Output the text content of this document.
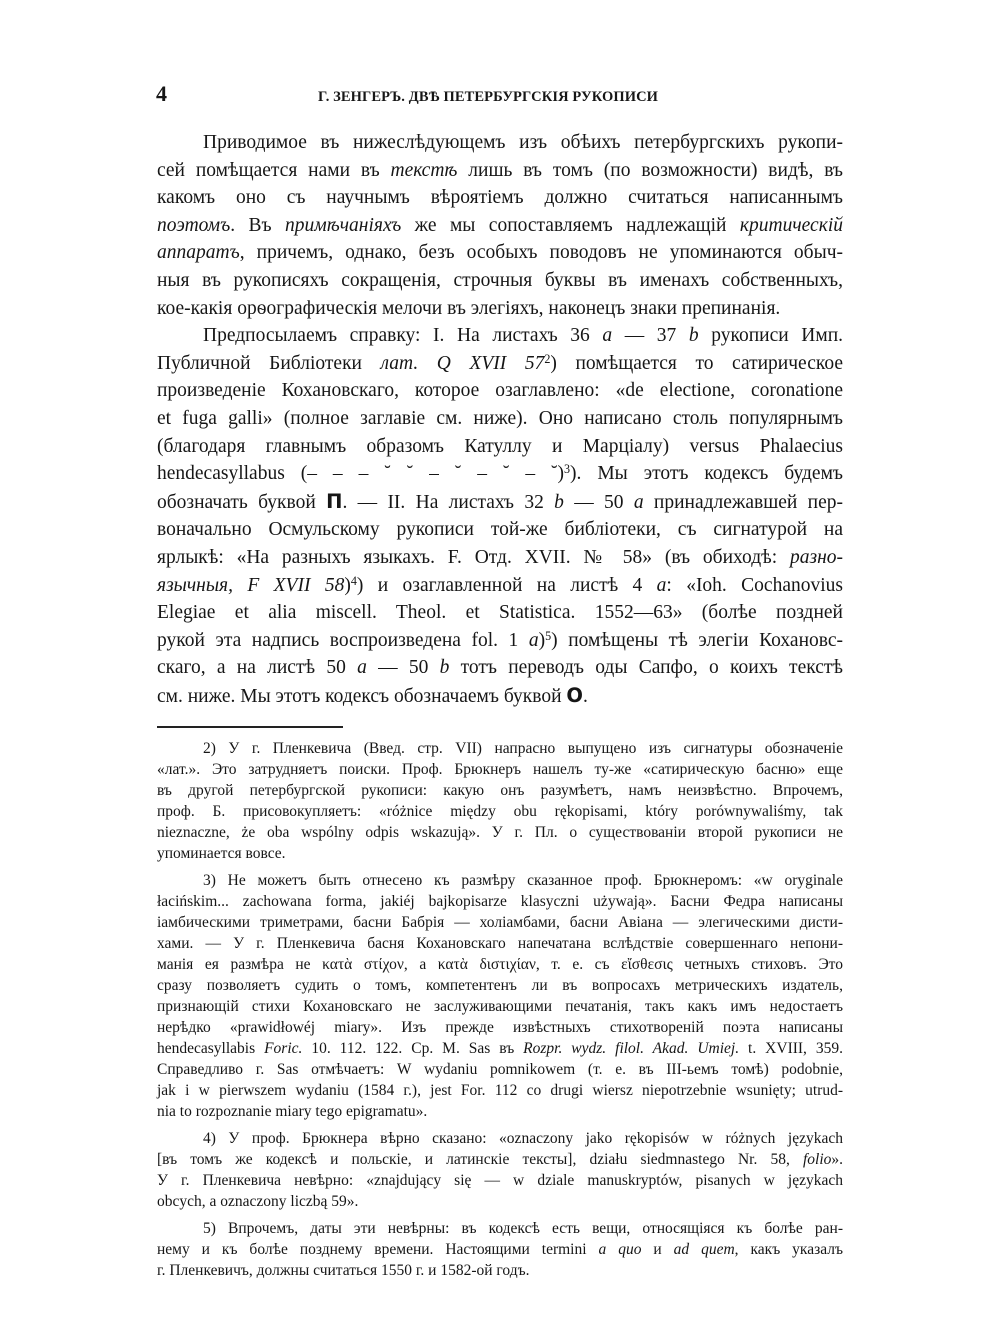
4	Г. ЗЕНГЕРЪ. ДВѢ ПЕТЕРБУРГСКІЯ РУКОПИСИ
Приводимое въ нижеслѣдующемъ изъ обѣихъ петербургскихъ рукопи-
сей помѣщается нами въ текстѣ лишь въ томъ (по возможности) видѣ, въ
какомъ оно съ научнымъ вѣроятіемъ должно считаться написаннымъ
поэтомъ. Въ примѣчаніяхъ же мы сопоставляемъ надлежащій критическій
аппаратъ, причемъ, однако, безъ особыхъ поводовъ не упоминаются обыч-
ныя въ рукописяхъ сокращенія, строчныя буквы въ именахъ собственныхъ,
кое-какія орѳографическія мелочи въ элегіяхъ, наконецъ знаки препинанія.
Предпосылаемъ справку: I. На листахъ 36 a — 37 b рукописи Имп.
Публичной Библіотеки лат. Q XVII $57^2$) помѣщается то сатирическое
произведеніе Кохановскаго, которое озаглавлено: «de electione, coronatione
et fuga galli» (полное заглавіе см. ниже). Оно написано столь популярнымъ
(благодаря главнымъ образомъ Катуллу и Марціалу) versus Phalaecius
hendecasyllabus (– – – ˘ ˘ – ˘ – ˘ – ˘)$^3$). Мы этотъ кодексъ будемъ
обозначать буквой П. — II. На листахъ 32 b — 50 a принадлежавшей пер-
воначально Осмульскому рукописи той-же библіотеки, съ сигнатурой на
ярлыкѣ: «На разныхъ языкахъ. F. Отд. XVII. № 58» (въ обиходѣ: разно-
язычныя, F XVII 58)$^4$) и озаглавленной на листѣ 4 a: «Ioh. Cochanovius
Elegiae et alia miscell. Theol. et Statistica. 1552—63» (болѣе поздней
рукой эта надпись воспроизведена fol. 1 a)$^5$) помѣщены тѣ элегіи Кохановс-
скаго, а на листѣ 50 a — 50 b тотъ переводъ оды Сапфо, о коихъ текстѣ
см. ниже. Мы этотъ кодексъ обозначаемъ буквой О.
2) У г. Пленкевича (Введ. стр. VII) напрасно выпущено изъ сигнатуры обозначеніе
«лат.». Это затрудняетъ поиски. Проф. Брюкнеръ нашелъ ту-же «сатирическую басню» еще
въ другой петербургской рукописи: какую онъ разумѣетъ, намъ неизвѣстно. Впрочемъ,
проф. Б. присовокупляетъ: «różnice między obu rękopisami, który porównywaliśmy, tak
nieznaczne, że oba wspólny odpis wskazują». У г. Пл. о существованіи второй рукописи не
упоминается вовсе.
3) Не можетъ быть отнесено къ размѣру сказанное проф. Брюкнеромъ: «w oryginale
łacińskim... zachowana forma, jakiéj bajkopisarze klasyczni używają». Басни Федра написаны
іамбическими триметрами, басни Бабрія — холіамбами, басни Авіана — элегическими дисти-
хами. — У г. Пленкевича басня Кохановскаго напечатана вслѣдствіе совершеннаго непони-
манія ея размѣра не κατὰ στίχον, а κατὰ διστιχίαν, т. е. съ εἴσθεσις четныхъ стиховъ. Это
сразу позволяетъ судить о томъ, компетентенъ ли въ вопросахъ метрическихъ издатель,
признающій стихи Кохановскаго не заслуживающими печатанія, такъ какъ имъ недостаетъ
нерѣдко «prawidłowéj miary». Изъ прежде извѣстныхъ стихотвореній поэта написаны
hendecasyllabis Foric. 10. 112. 122. Ср. M. Sas въ Rozpr. wydz. filol. Akad. Umiej. t. XVIII, 359.
Справедливо г. Sas отмѣчаетъ: W wydaniu pomnikowem (т. е. въ III-ьемъ томѣ) podobnie,
jak i w pierwszem wydaniu (1584 г.), jest For. 112 co drugi wiersz niepotrzebnie wsunięty; utrud-
nia to rozpoznanie miary tego epigramatu».
4) У проф. Брюкнера вѣрно сказано: «oznaczony jako rękopisów w różnych językach
[въ томъ же кодексѣ и польскіе, и латинскіе тексты], działu siedmnastego Nr. 58, folio».
У г. Пленкевича невѣрно: «znajdujący się — w dziale manuskryptów, pisanych w językach
obcych, a oznaczony liczbą 59».
5) Впрочемъ, даты эти невѣрны: въ кодексѣ есть вещи, относящіяся къ болѣе ран-
нему и къ болѣе позднему времени. Настоящими termini a quo и ad quem, какъ указалъ
г. Пленкевичъ, должны считаться 1550 г. и 1582-ой годъ.
